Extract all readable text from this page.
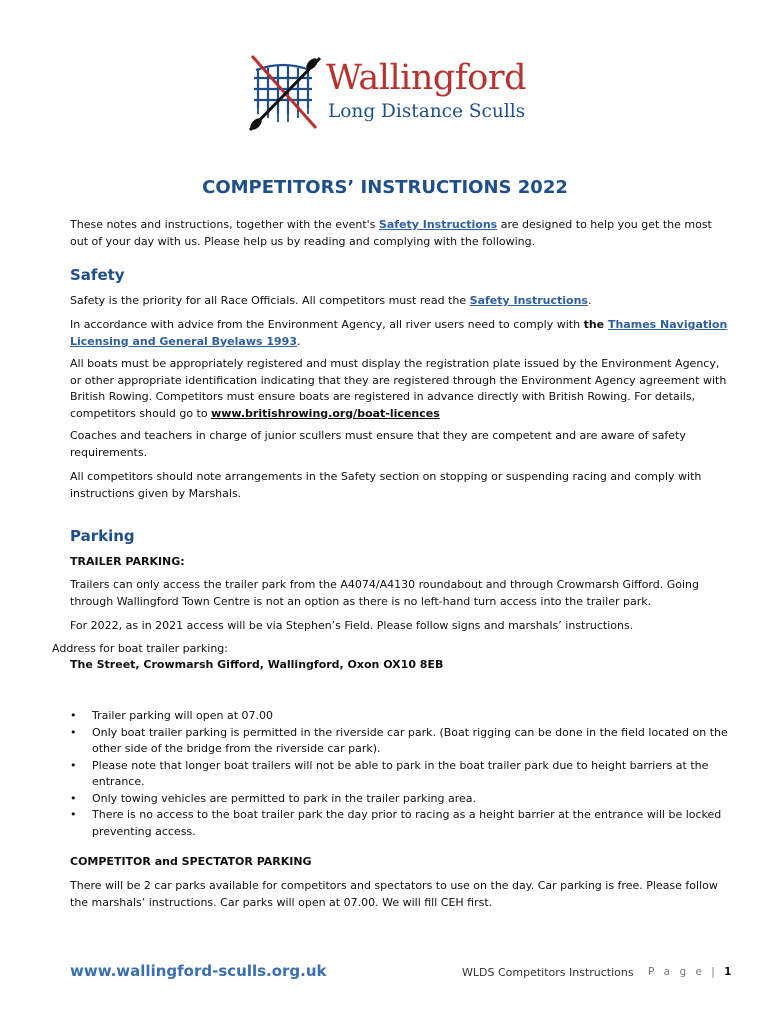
Wallingford
Long Distance Sculls
COMPETITORS’ INSTRUCTIONS 2022

These notes and instructions, together with the event's Safety Instructions are designed to help you get the most out of your day with us. Please help us by reading and complying with the following.

Safety

Safety is the priority for all Race Officials. All competitors must read the Safety Instructions.

In accordance with advice from the Environment Agency, all river users need to comply with the Thames Navigation Licensing and General Byelaws 1993.

All boats must be appropriately registered and must display the registration plate issued by the Environment Agency, or other appropriate identification indicating that they are registered through the Environment Agency agreement with British Rowing. Competitors must ensure boats are registered in advance directly with British Rowing. For details, competitors should go to www.britishrowing.org/boat-licences

Coaches and teachers in charge of junior scullers must ensure that they are competent and are aware of safety requirements.

All competitors should note arrangements in the Safety section on stopping or suspending racing and comply with instructions given by Marshals.

Parking

TRAILER PARKING:

Trailers can only access the trailer park from the A4074/A4130 roundabout and through Crowmarsh Gifford. Going through Wallingford Town Centre is not an option as there is no left-hand turn access into the trailer park.

For 2022, as in 2021 access will be via Stephen’s Field. Please follow signs and marshals’ instructions.

Address for boat trailer parking:

The Street, Crowmarsh Gifford, Wallingford, Oxon OX10 8EB

• Trailer parking will open at 07.00
• Only boat trailer parking is permitted in the riverside car park. (Boat rigging can be done in the field located on the other side of the bridge from the riverside car park).
• Please note that longer boat trailers will not be able to park in the boat trailer park due to height barriers at the entrance.
• Only towing vehicles are permitted to park in the trailer parking area.
• There is no access to the boat trailer park the day prior to racing as a height barrier at the entrance will be locked preventing access.

COMPETITOR and SPECTATOR PARKING

There will be 2 car parks available for competitors and spectators to use on the day. Car parking is free. Please follow the marshals’ instructions. Car parks will open at 07.00. We will fill CEH first.

www.wallingford-sculls.org.uk	WLDS Competitors Instructions P a g e | 1
